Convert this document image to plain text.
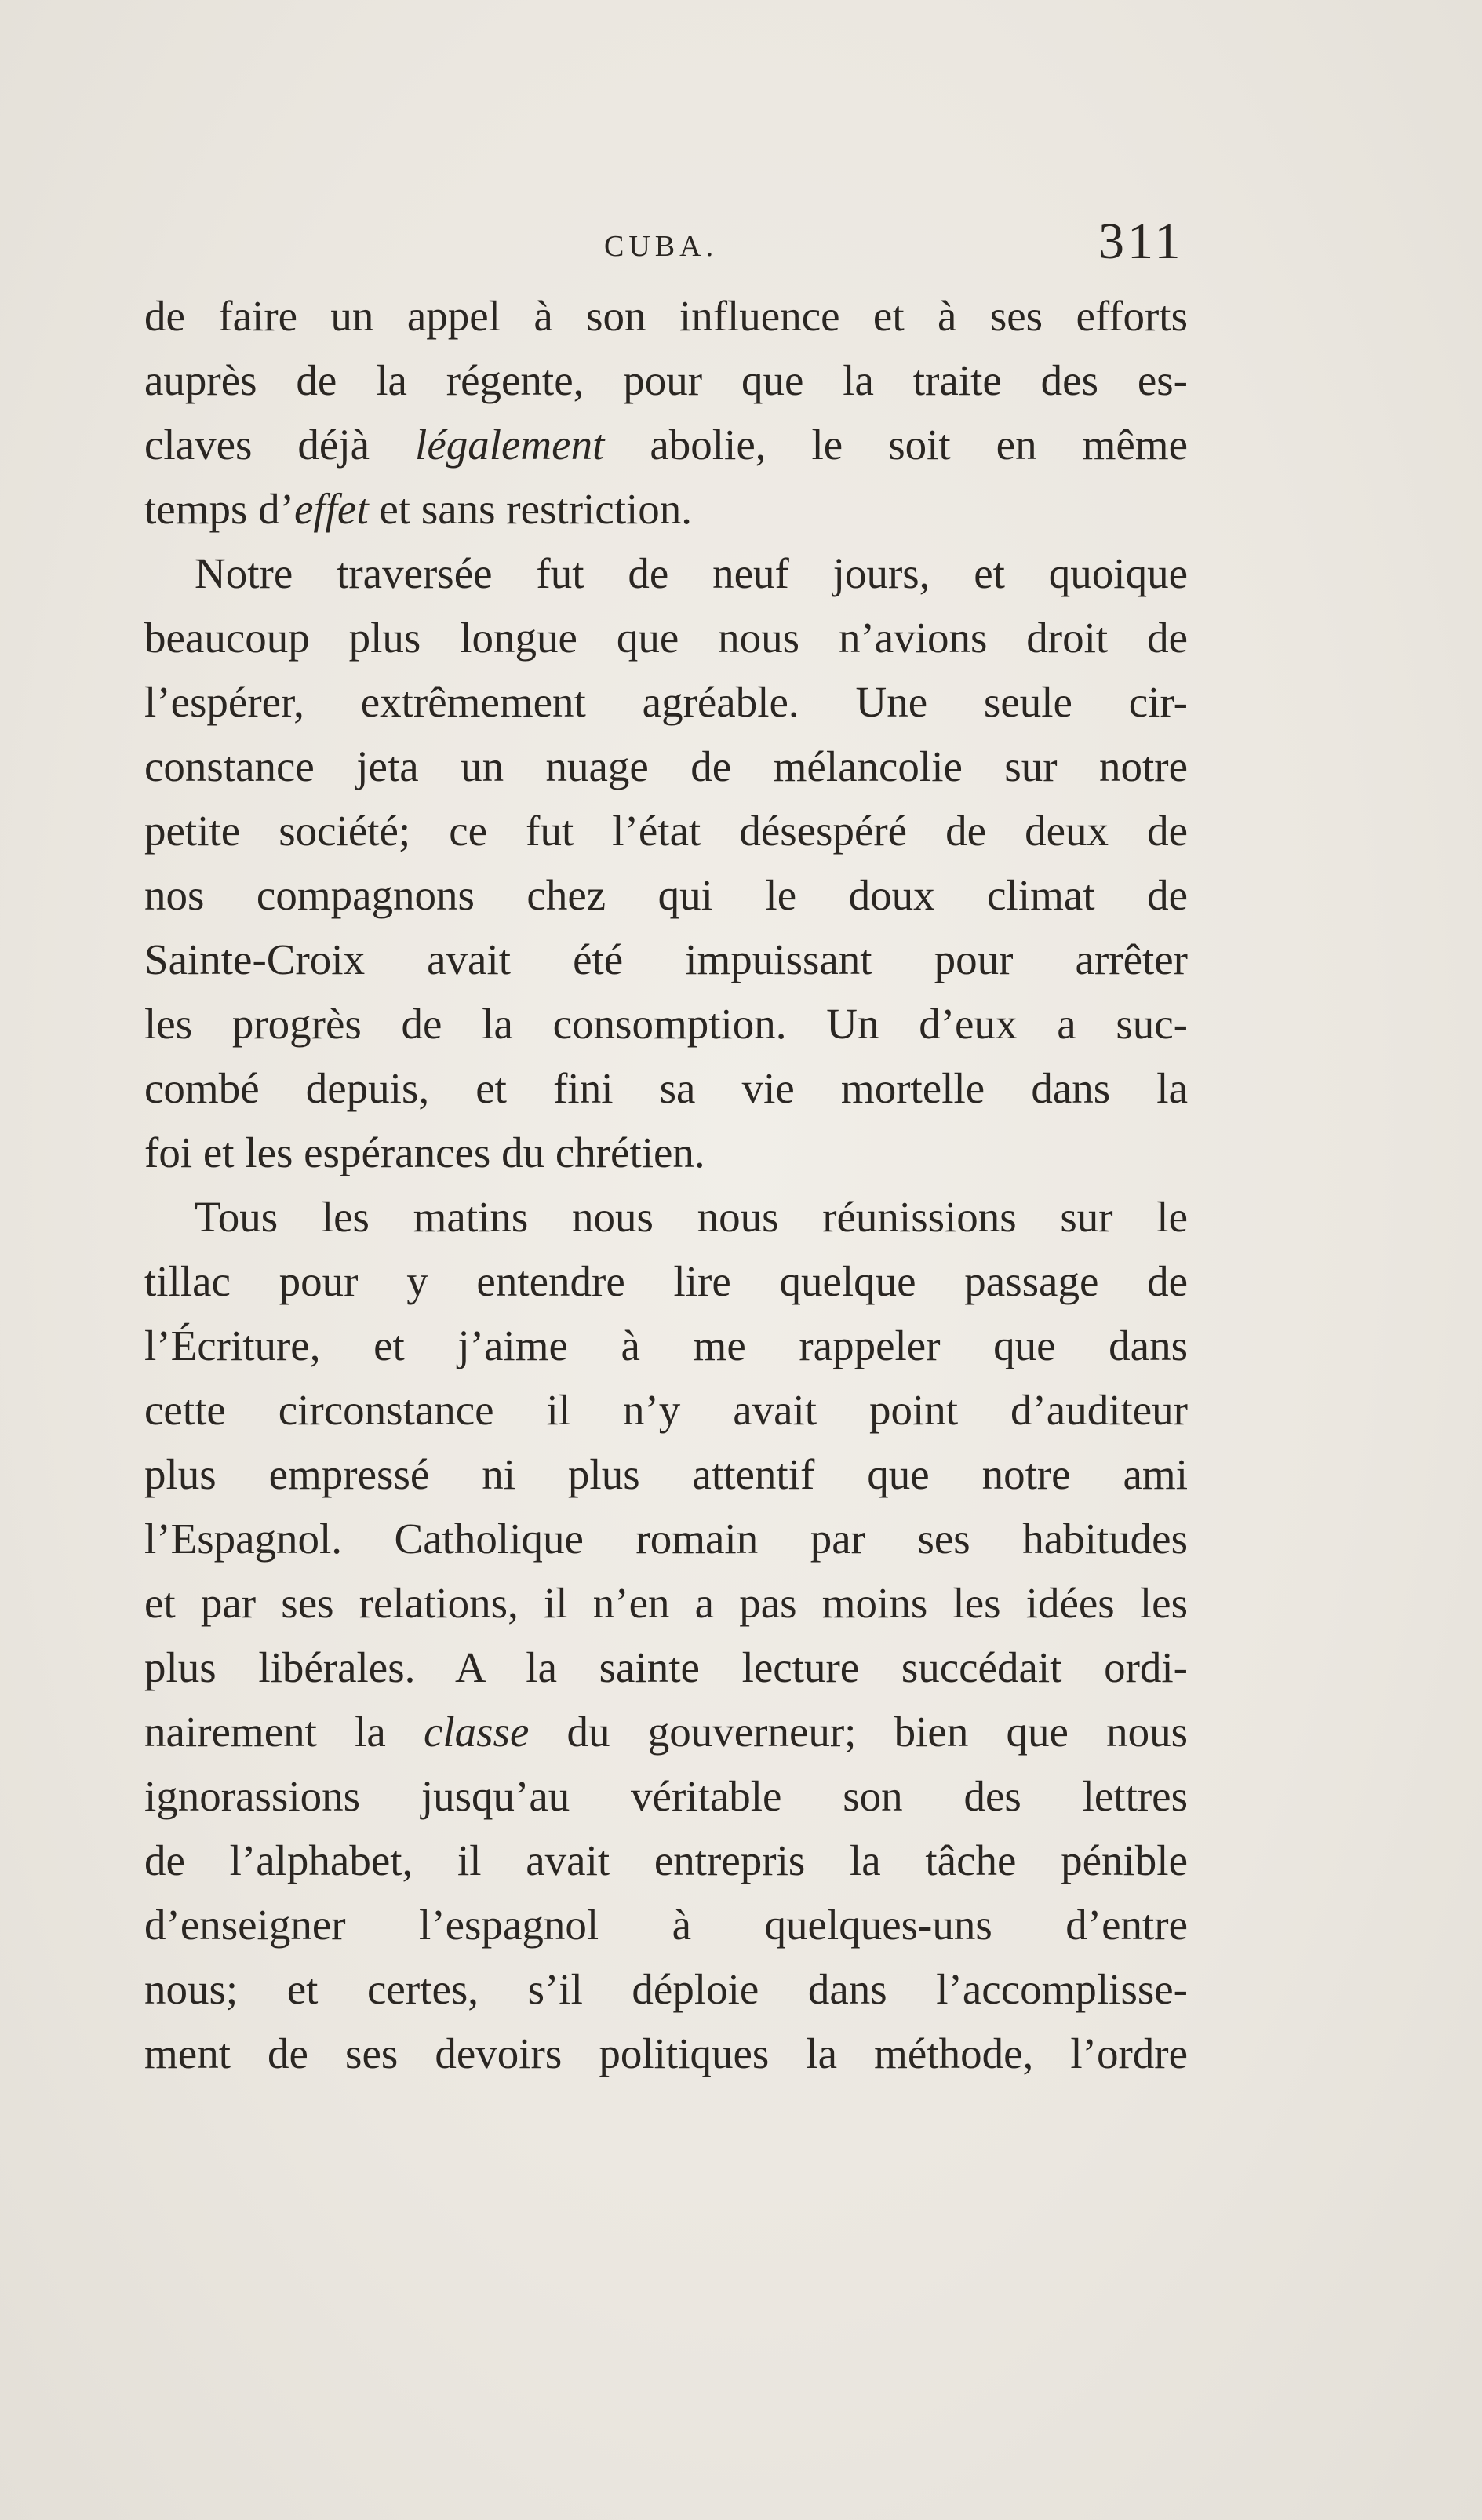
CUBA.	311
de faire un appel à son influence et à ses efforts
auprès de la régente, pour que la traite des es-
claves déjà légalement abolie, le soit en même
temps d’effet et sans restriction.
Notre traversée fut de neuf jours, et quoique
beaucoup plus longue que nous n’avions droit de
l’espérer, extrêmement agréable. Une seule cir-
constance jeta un nuage de mélancolie sur notre
petite société; ce fut l’état désespéré de deux de
nos compagnons chez qui le doux climat de
Sainte-Croix avait été impuissant pour arrêter
les progrès de la consomption. Un d’eux a suc-
combé depuis, et fini sa vie mortelle dans la
foi et les espérances du chrétien.
Tous les matins nous nous réunissions sur le
tillac pour y entendre lire quelque passage de
l’Écriture, et j’aime à me rappeler que dans
cette circonstance il n’y avait point d’auditeur
plus empressé ni plus attentif que notre ami
l’Espagnol. Catholique romain par ses habitudes
et par ses relations, il n’en a pas moins les idées les
plus libérales. A la sainte lecture succédait ordi-
nairement la classe du gouverneur; bien que nous
ignorassions jusqu’au véritable son des lettres
de l’alphabet, il avait entrepris la tâche pénible
d’enseigner l’espagnol à quelques-uns d’entre
nous; et certes, s’il déploie dans l’accomplisse-
ment de ses devoirs politiques la méthode, l’ordre
